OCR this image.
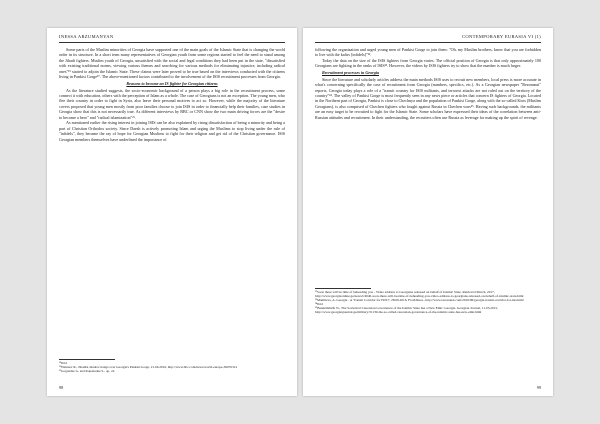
INESSA ARZUMANYAN

Some parts of the Muslim minorities of Georgia have supported one of the main goals of the Islamic State that is changing the world order in its structure. In a short term many representatives of Georgian youth from some regions started to feel the need to stand among the Jihadi fighters. Muslim youth of Georgia, unsatisfied with the social and legal conditions they had been put in the state, "dissatisfied with existing traditional norms, viewing various themes and searching for various methods for eliminating injustice, including radical ones"¹⁹ started to adjoin the Islamic State. These claims were later proved to be true based on the interviews conducted with the citizens living in Pankisi Gorge²⁰. The above-mentioned factors contributed to the involvement of the ISIS recruitment processes from Georgia.

Reasons to become an IS fighter for Georgian citizens

As the literature studied suggests, the socio-economic background of a person plays a big role in the recruitment process, some connect it with education, others with the perception of Islam as a whole. The case of Georgians is not an exception. The young men, who flee their country in order to fight in Syria, also leave their personal motives to act so. However, while the majority of the literature covers proposed that young men mostly from poor families choose to join ISIS in order to financially help their families, case studies in Georgia show that this is not necessarily true. As different interviews by BBC or CNN show the two main driving forces are the "desire to become a hero" and "radical islamization"²¹.

As mentioned earlier the rising interest in joining ISIS can be also explained by rising dissatisfaction of being a minority and being a part of Christian Orthodox society. Since Daesh is actively promoting Islam and urging the Muslims to stop living under the rule of "infidels", they became the ray of hope for Georgian Muslims to fight for their religion and get rid of the Christian governance. ISIS Georgian members themselves have underlined the importance of

¹⁹Ibid

²⁰Dzutsev R., Jihadist shadow hangs over Georgia's Pankisi Gorge, 21.04.2016, http://www.bbc.com/news/world-europe-36035312

²¹Goguadze G. and Kapanadze S., op. cit.

98
CONTEMPORARY EURASIA VI (1)

following the organization and urged young men of Pankisi Gorge to join them: "Oh, my Muslim brothers, know that you are forbidden to live with the kafirs [infidels]"²².

Today the data on the size of the ISIS fighters from Georgia varies. The official position of Georgia is that only approximately 100 Georgians are fighting in the ranks of ISIS²³. However, the videos by ISIS fighters try to show that the number is much larger.

Recruitment processes in Georgia

Since the literature and scholarly articles address the main methods ISIS uses to recruit new members, local press is more accurate in what's concerning specifically the case of recruitment from Georgia (numbers, specifics, etc.). As a Georgian newspaper "Rezonansi" reports, Georgia today plays a role of a "transit country for ISIS militants, and terrorist attacks are not ruled out on the territory of the country"²⁴. The valley of Pankisi Gorge is most frequently seen in any news piece or articles that concern IS fighters of Georgia. Located in the Northern part of Georgia, Pankisi is close to Chechnya and the population of Pankisi Gorge, along with the so-called Kists (Muslim Georgians), is also comprised of Chechen fighters who fought against Russia in Chechen wars²⁵. Having such backgrounds, the militants are an easy target to be recruited to fight for the Islamic State. Some scholars have expressed their ideas of the correlation between anti-Russian attitudes and recruitment. In their understanding, the recruiters often use Russia as leverage for making up the spirit of revenge.

²²Soon there will be time of beheading you - Video address to Georgians released on behalf of Islamic State. Retrieved March, 2017, http://www.georgiaonline.ge/news/l/4040-soon-there-will-be-time-of-beheading-you-video-address-to-georgians-released-on-behalf-of-islamic-state.html

²³Mamlieva, A. Georgia - A 'Transit Corridor for ISIS?', 28.06.2016, Froth Russ., http://www.rezonansi.com/2016/06/georgia-transit-corridor-for-isis.html

²⁴Ibid

²⁵Bandelishvili N., The Sovietical Caucasian Governance of the Islamic State has a New Emir: Georgia. Georgian Journal, 11.05.2015, http://www.georgianjournal.ge/military/31139-the-so-called-caucasian-governance-of-the-islamic-state-has-new-emir.html

99
